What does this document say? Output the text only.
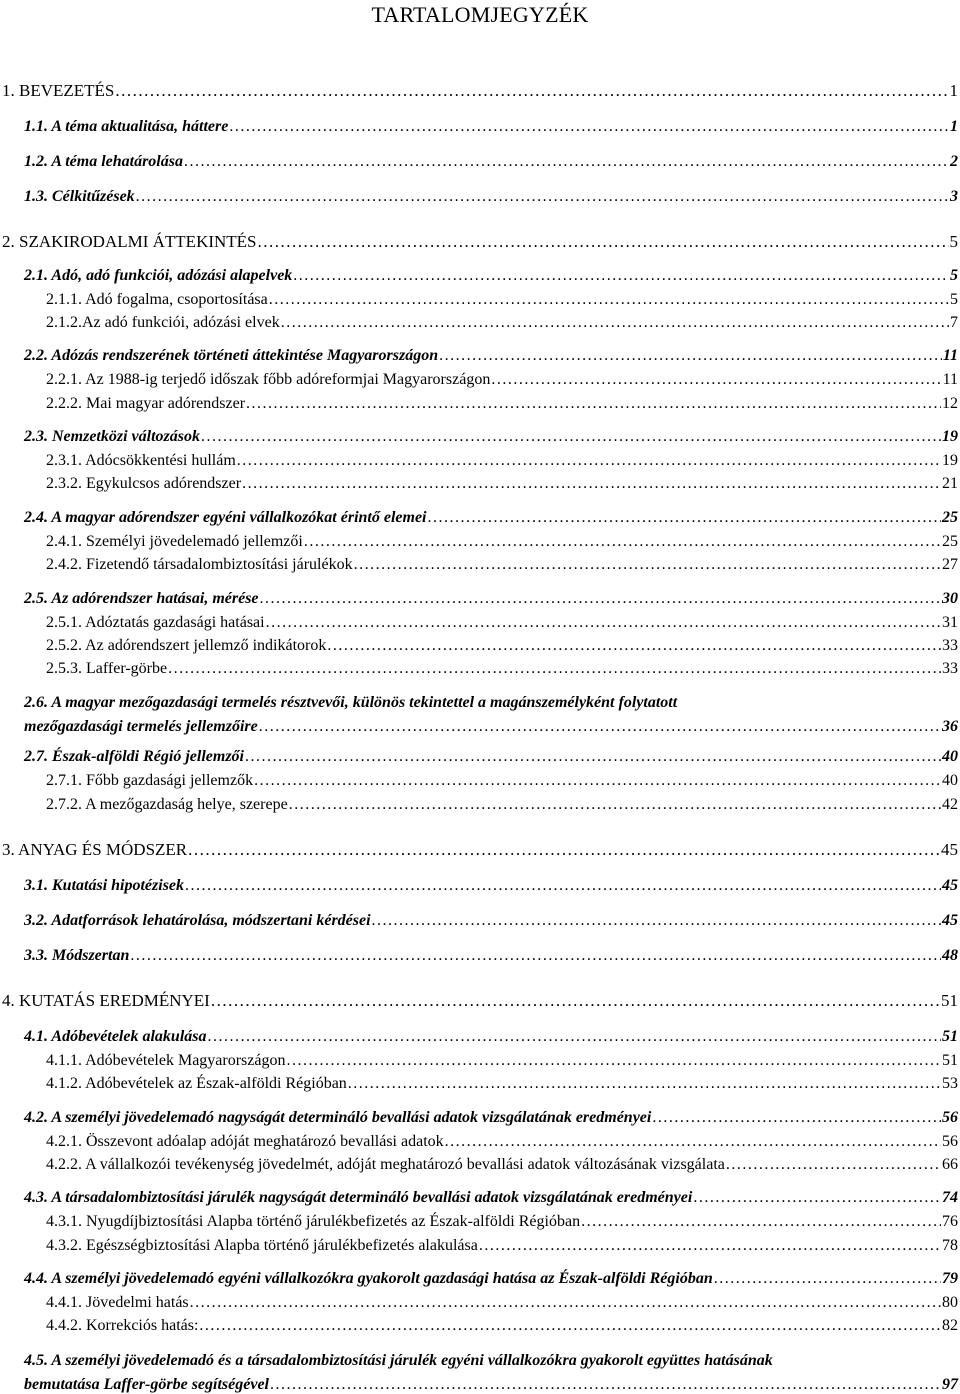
TARTALOMJEGYZÉK
1. BEVEZETÉS .....	1
1.1. A téma aktualitása, háttere .....	1
1.2. A téma lehatárolása .....	2
1.3. Célkitűzések .....	3
2. SZAKIRODALMI ÁTTEKINTÉS .....	5
2.1. Adó, adó funkciói, adózási alapelvek .....	5
2.1.1. Adó fogalma, csoportosítása .....	5
2.1.2.Az adó funkciói, adózási elvek .....	7
2.2. Adózás rendszerének történeti áttekintése Magyarországon .....	11
2.2.1. Az 1988-ig terjedő időszak főbb adóreformjai Magyarországon .....	11
2.2.2. Mai magyar adórendszer .....	12
2.3. Nemzetközi változások .....	19
2.3.1. Adócsökkentési hullám .....	19
2.3.2. Egykulcsos adórendszer .....	21
2.4. A magyar adórendszer egyéni vállalkozókat érintő elemei .....	25
2.4.1. Személyi jövedelemadó jellemzői .....	25
2.4.2. Fizetendő társadalombiztosítási járulékok .....	27
2.5. Az adórendszer hatásai, mérése .....	30
2.5.1. Adóztatás gazdasági hatásai .....	31
2.5.2. Az adórendszert jellemző indikátorok .....	33
2.5.3. Laffer-görbe .....	33
2.6. A magyar mezőgazdasági termelés résztvevői, különös tekintettel a magánszemélyként folytatott
mezőgazdasági termelés jellemzőire .....	36
2.7. Észak-alföldi Régió jellemzői .....	40
2.7.1. Főbb gazdasági jellemzők .....	40
2.7.2. A mezőgazdaság helye, szerepe .....	42
3. ANYAG ÉS MÓDSZER .....	45
3.1. Kutatási hipotézisek .....	45
3.2. Adatforrások lehatárolása, módszertani kérdései .....	45
3.3. Módszertan .....	48
4. KUTATÁS EREDMÉNYEI .....	51
4.1. Adóbevételek alakulása .....	51
4.1.1. Adóbevételek Magyarországon .....	51
4.1.2. Adóbevételek az Észak-alföldi Régióban .....	53
4.2. A személyi jövedelemadó nagyságát determináló bevallási adatok vizsgálatának eredményei .....	56
4.2.1. Összevont adóalap adóját meghatározó bevallási adatok .....	56
4.2.2. A vállalkozói tevékenység jövedelmét, adóját meghatározó bevallási adatok változásának vizsgálata .....	66
4.3. A társadalombiztosítási járulék nagyságát determináló bevallási adatok vizsgálatának eredményei .....	74
4.3.1. Nyugdíjbiztosítási Alapba történő járulékbefizetés az Észak-alföldi Régióban .....	76
4.3.2. Egészségbiztosítási Alapba történő járulékbefizetés alakulása .....	78
4.4. A személyi jövedelemadó egyéni vállalkozókra gyakorolt gazdasági hatása az Észak-alföldi Régióban .....	79
4.4.1. Jövedelmi hatás .....	80
4.4.2. Korrekciós hatás: .....	82
4.5. A személyi jövedelemadó és a társadalombiztosítási járulék egyéni vállalkozókra gyakorolt együttes hatásának
bemutatása Laffer-görbe segítségével .....	97
